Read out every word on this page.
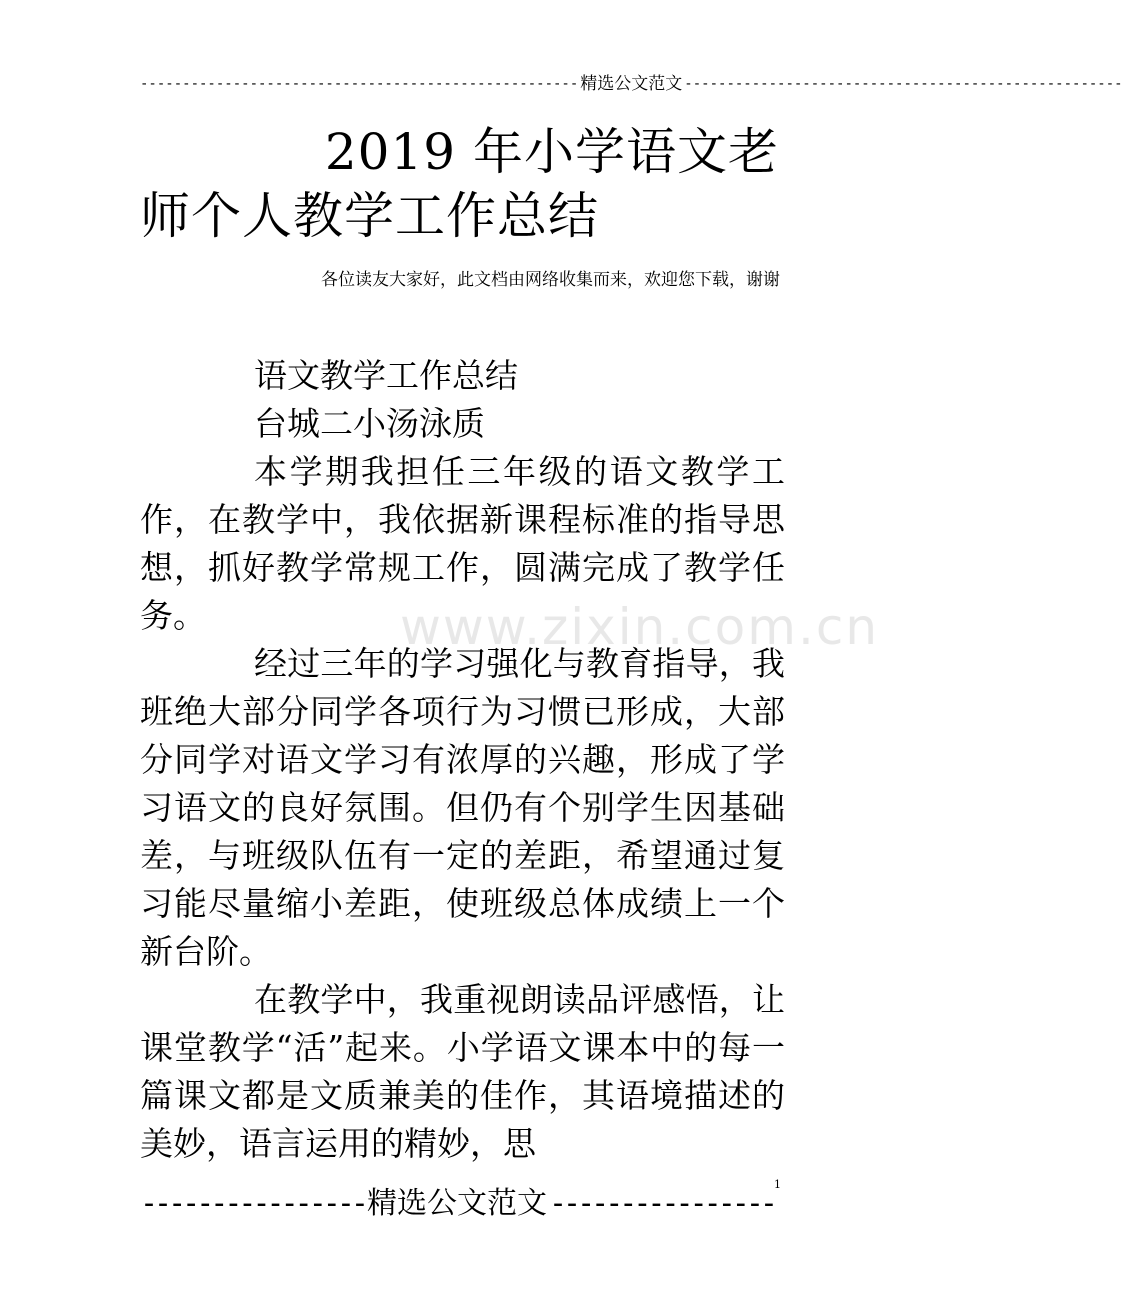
---------------------------------------------------- 精选公文范文 ----------------------------------------------------
2019 年小学语文老
师个人教学工作总结
各位读友大家好，此文档由网络收集而来，欢迎您下载，谢谢

语文教学工作总结

台城二小汤泳质

本学期我担任三年级的语文教学工作，在教学中，我依据新课程标准的指导思想，抓好教学常规工作，圆满完成了教学任务。

经过三年的学习强化与教育指导，我班绝大部分同学各项行为习惯已形成，大部分同学对语文学习有浓厚的兴趣，形成了学习语文的良好氛围。但仍有个别学生因基础差，与班级队伍有一定的差距，希望通过复习能尽量缩小差距，使班级总体成绩上一个新台阶。

在教学中，我重视朗读品评感悟，让课堂教学“活”起来。小学语文课本中的每一篇课文都是文质兼美的佳作，其语境描述的美妙，语言运用的精妙，思

www.zixin.com.cn
1
---------------- 精选公文范文 ----------------
